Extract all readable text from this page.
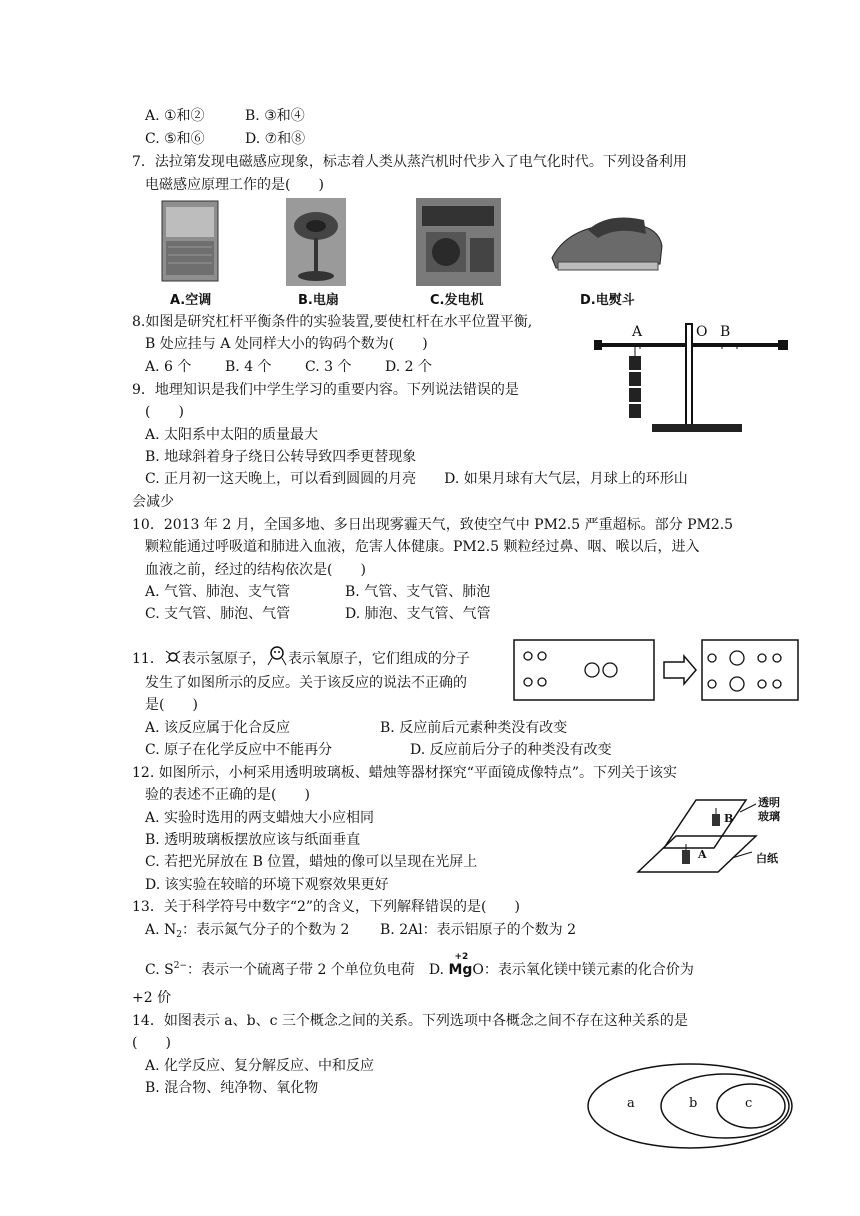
A. ①和②	B. ③和④
C. ⑤和⑥	D. ⑦和⑧
7．法拉第发现电磁感应现象，标志着人类从蒸汽机时代步入了电气化时代。下列设备利用
电磁感应原理工作的是(　　)
A.空调	B.电扇	C.发电机	D.电熨斗
8.如图是研究杠杆平衡条件的实验装置,要使杠杆在水平位置平衡,
B 处应挂与 A 处同样大小的钩码个数为(　　)
A. 6 个 B. 4 个 C. 3 个 D. 2 个
A	O B
9．地理知识是我们中学生学习的重要内容。下列说法错误的是
(　　)
A. 太阳系中太阳的质量最大
B. 地球斜着身子绕日公转导致四季更替现象
C. 正月初一这天晚上，可以看到圆圆的月亮 D. 如果月球有大气层，月球上的环形山
会减少
10．2013 年 2 月，全国多地、多日出现雾霾天气，致使空气中 PM2.5 严重超标。部分 PM2.5
颗粒能通过呼吸道和肺进入血液，危害人体健康。PM2.5 颗粒经过鼻、咽、喉以后，进入
血液之前，经过的结构依次是(　　)
A. 气管、肺泡、支气管	B. 气管、支气管、肺泡
C. 支气管、肺泡、气管	D. 肺泡、支气管、气管
11． 表示氢原子， 表示氧原子，它们组成的分子
发生了如图所示的反应。关于该反应的说法不正确的
是(　　)
A. 该反应属于化合反应	B. 反应前后元素种类没有改变
C. 原子在化学反应中不能再分	D. 反应前后分子的种类没有改变
12. 如图所示，小柯采用透明玻璃板、蜡烛等器材探究“平面镜成像特点”。下列关于该实
验的表述不正确的是(　　)
A. 实验时选用的两支蜡烛大小应相同
B. 透明玻璃板摆放应该与纸面垂直
C. 若把光屏放在 B 位置，蜡烛的像可以呈现在光屏上
D. 该实验在较暗的环境下观察效果更好
A
B
透明
玻璃
白纸
13．关于科学符号中数字“2”的含义，下列解释错误的是(　　)
A. $N_2$：表示氮气分子的个数为 2 B. 2Al：表示铝原子的个数为 2
C. $S^{2-}$：表示一个硫离子带 2 个单位负电荷 D.
+2
MgO：表示氧化镁中镁元素的化合价为
+2 价
14．如图表示 a、b、c 三个概念之间的关系。下列选项中各概念之间不存在这种关系的是
(　　)
A. 化学反应、复分解反应、中和反应
B. 混合物、纯净物、氧化物
a	b	c
